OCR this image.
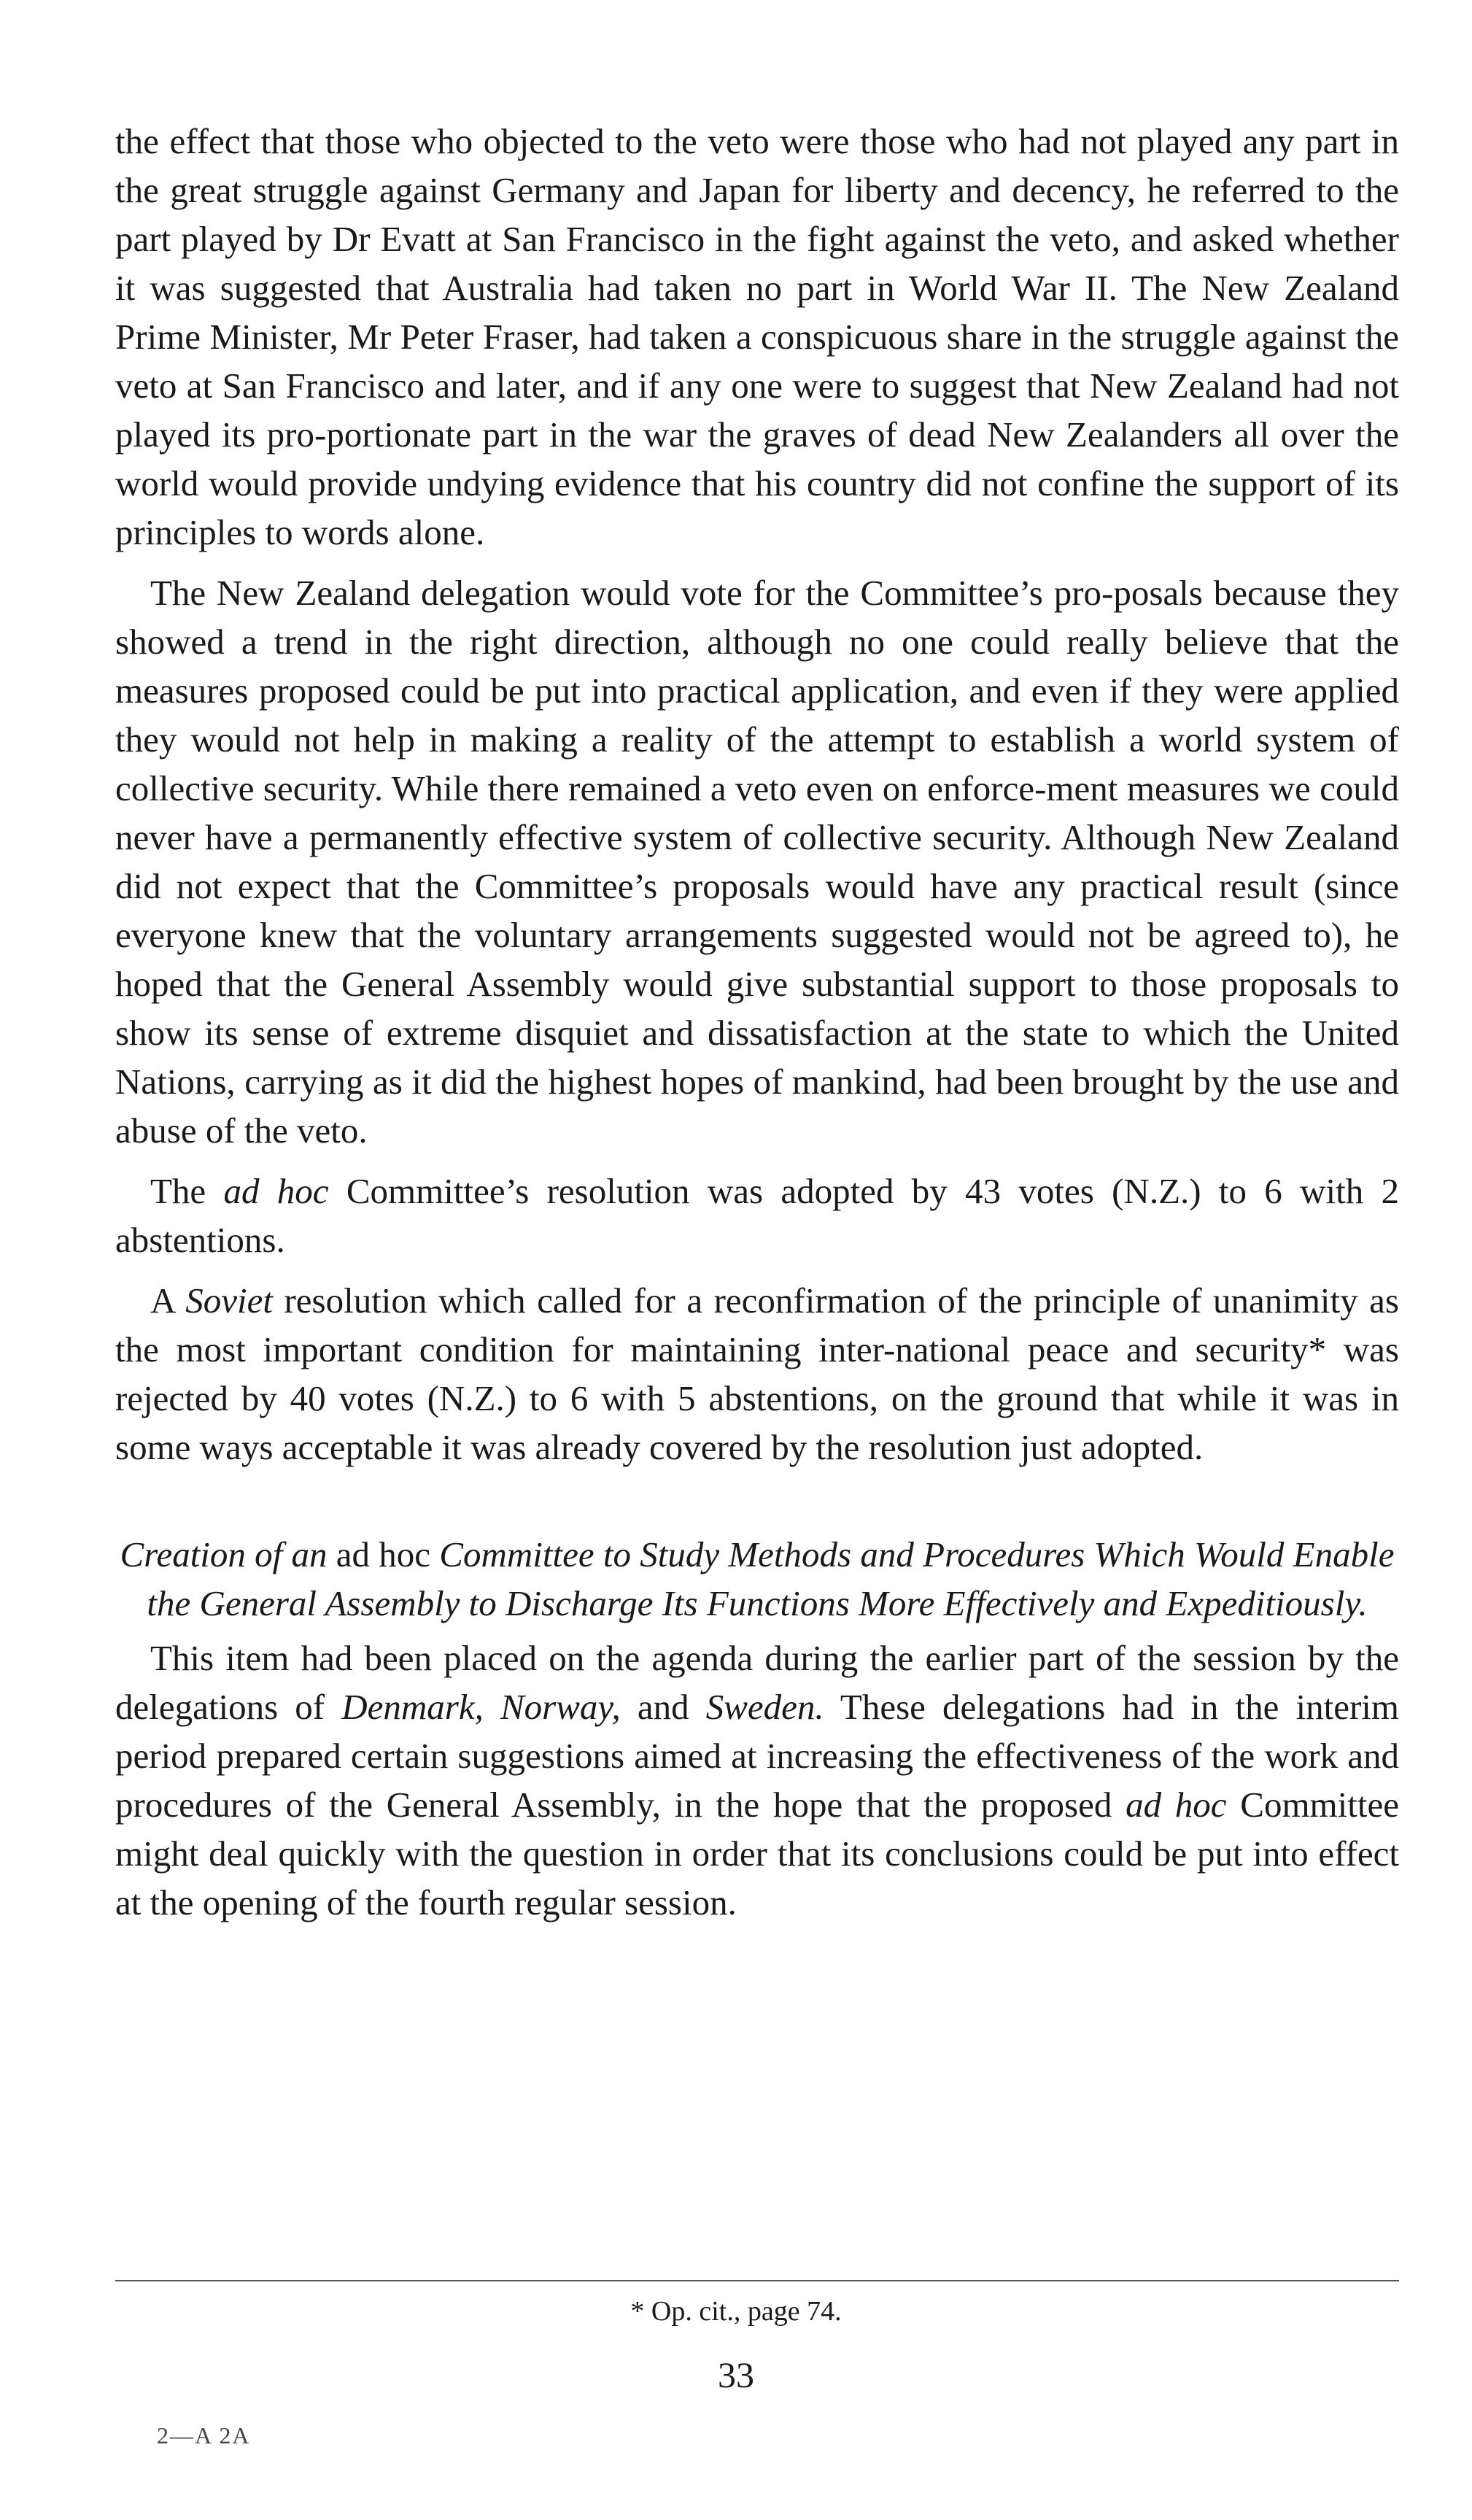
the effect that those who objected to the veto were those who had not played any part in the great struggle against Germany and Japan for liberty and decency, he referred to the part played by Dr Evatt at San Francisco in the fight against the veto, and asked whether it was suggested that Australia had taken no part in World War II. The New Zealand Prime Minister, Mr Peter Fraser, had taken a conspicuous share in the struggle against the veto at San Francisco and later, and if any one were to suggest that New Zealand had not played its pro-portionate part in the war the graves of dead New Zealanders all over the world would provide undying evidence that his country did not confine the support of its principles to words alone.

The New Zealand delegation would vote for the Committee’s pro-posals because they showed a trend in the right direction, although no one could really believe that the measures proposed could be put into practical application, and even if they were applied they would not help in making a reality of the attempt to establish a world system of collective security. While there remained a veto even on enforce-ment measures we could never have a permanently effective system of collective security. Although New Zealand did not expect that the Committee’s proposals would have any practical result (since everyone knew that the voluntary arrangements suggested would not be agreed to), he hoped that the General Assembly would give substantial support to those proposals to show its sense of extreme disquiet and dissatisfaction at the state to which the United Nations, carrying as it did the highest hopes of mankind, had been brought by the use and abuse of the veto.

The ad hoc Committee’s resolution was adopted by 43 votes (N.Z.) to 6 with 2 abstentions.

A Soviet resolution which called for a reconfirmation of the principle of unanimity as the most important condition for maintaining inter-national peace and security* was rejected by 40 votes (N.Z.) to 6 with 5 abstentions, on the ground that while it was in some ways acceptable it was already covered by the resolution just adopted.

Creation of an ad hoc Committee to Study Methods and Procedures Which Would Enable the General Assembly to Discharge Its Functions More Effectively and Expeditiously.

This item had been placed on the agenda during the earlier part of the session by the delegations of Denmark, Norway, and Sweden. These delegations had in the interim period prepared certain suggestions aimed at increasing the effectiveness of the work and procedures of the General Assembly, in the hope that the proposed ad hoc Committee might deal quickly with the question in order that its conclusions could be put into effect at the opening of the fourth regular session.

* Op. cit., page 74.
33
2—A 2A
